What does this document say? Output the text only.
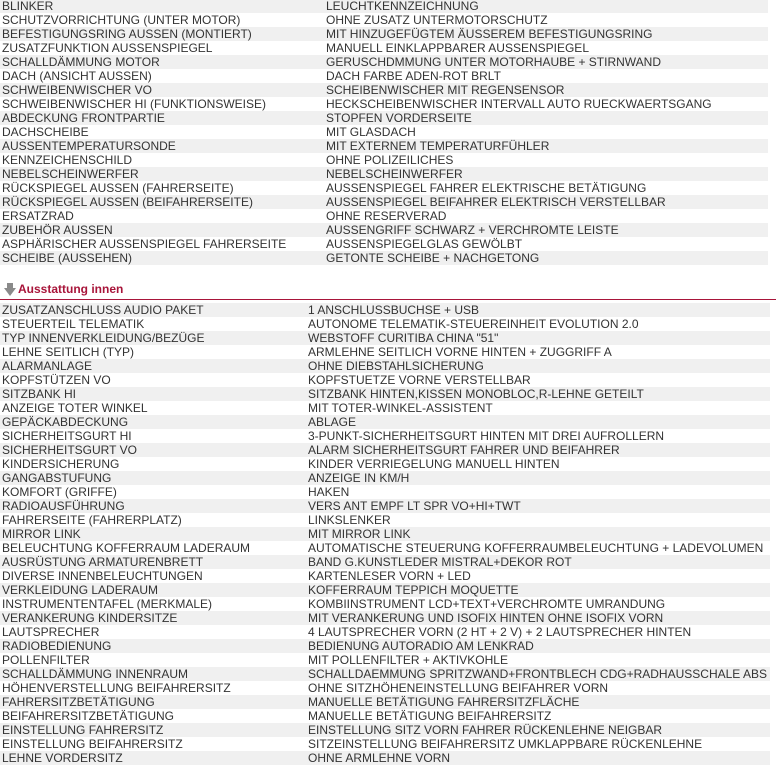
BLINKER	LEUCHTKENNZEICHNUNG
SCHUTZVORRICHTUNG (UNTER MOTOR)	OHNE ZUSATZ UNTERMOTORSCHUTZ
BEFESTIGUNGSRING AUSSEN (MONTIERT)	MIT HINZUGEFÜGTEM ÄUSSEREM BEFESTIGUNGSRING
ZUSATZFUNKTION AUSSENSPIEGEL	MANUELL EINKLAPPBARER AUSSENSPIEGEL
SCHALLDÄMMUNG MOTOR	GERUSCHDMMUNG UNTER MOTORHAUBE + STIRNWAND
DACH (ANSICHT AUSSEN)	DACH FARBE ADEN-ROT BRLT
SCHWEIBENWISCHER VO	SCHEIBENWISCHER MIT REGENSENSOR
SCHWEIBENWISCHER HI (FUNKTIONSWEISE)	HECKSCHEIBENWISCHER INTERVALL AUTO RUECKWAERTSGANG
ABDECKUNG FRONTPARTIE	STOPFEN VORDERSEITE
DACHSCHEIBE	MIT GLASDACH
AUSSENTEMPERATURSONDE	MIT EXTERNEM TEMPERATURFÜHLER
KENNZEICHENSCHILD	OHNE POLIZEILICHES
NEBELSCHEINWERFER	NEBELSCHEINWERFER
RÜCKSPIEGEL AUSSEN (FAHRERSEITE)	AUSSENSPIEGEL FAHRER ELEKTRISCHE BETÄTIGUNG
RÜCKSPIEGEL AUSSEN (BEIFAHRERSEITE)	AUSSENSPIEGEL BEIFAHRER ELEKTRISCH VERSTELLBAR
ERSATZRAD	OHNE RESERVERAD
ZUBEHÖR AUSSEN	AUSSENGRIFF SCHWARZ + VERCHROMTE LEISTE
ASPHÄRISCHER AUSSENSPIEGEL FAHRERSEITE	AUSSENSPIEGELGLAS GEWÖLBT
SCHEIBE (AUSSEHEN)	GETONTE SCHEIBE + NACHGETONG
Ausstattung innen
ZUSATZANSCHLUSS AUDIO PAKET	1 ANSCHLUSSBUCHSE + USB
STEUERTEIL TELEMATIK	AUTONOME TELEMATIK-STEUEREINHEIT EVOLUTION 2.0
TYP INNENVERKLEIDUNG/BEZÜGE	WEBSTOFF CURITIBA CHINA "51"
LEHNE SEITLICH (TYP)	ARMLEHNE SEITLICH VORNE HINTEN + ZUGGRIFF A
ALARMANLAGE	OHNE DIEBSTAHLSICHERUNG
KOPFSTÜTZEN VO	KOPFSTUETZE VORNE VERSTELLBAR
SITZBANK HI	SITZBANK HINTEN,KISSEN MONOBLOC,R-LEHNE GETEILT
ANZEIGE TOTER WINKEL	MIT TOTER-WINKEL-ASSISTENT
GEPÄCKABDECKUNG	ABLAGE
SICHERHEITSGURT HI	3-PUNKT-SICHERHEITSGURT HINTEN MIT DREI AUFROLLERN
SICHERHEITSGURT VO	ALARM SICHERHEITSGURT FAHRER UND BEIFAHRER
KINDERSICHERUNG	KINDER VERRIEGELUNG MANUELL HINTEN
GANGABSTUFUNG	ANZEIGE IN KM/H
KOMFORT (GRIFFE)	HAKEN
RADIOAUSFÜHRUNG	VERS ANT EMPF LT SPR VO+HI+TWT
FAHRERSEITE (FAHRERPLATZ)	LINKSLENKER
MIRROR LINK	MIT MIRROR LINK
BELEUCHTUNG KOFFERRAUM LADERAUM	AUTOMATISCHE STEUERUNG KOFFERRAUMBELEUCHTUNG + LADEVOLUMEN
AUSRÜSTUNG ARMATURENBRETT	BAND G.KUNSTLEDER MISTRAL+DEKOR ROT
DIVERSE INNENBELEUCHTUNGEN	KARTENLESER VORN + LED
VERKLEIDUNG LADERAUM	KOFFERRAUM TEPPICH MOQUETTE
INSTRUMENTENTAFEL (MERKMALE)	KOMBIINSTRUMENT LCD+TEXT+VERCHROMTE UMRANDUNG
VERANKERUNG KINDERSITZE	MIT VERANKERUNG UND ISOFIX HINTEN OHNE ISOFIX VORN
LAUTSPRECHER	4 LAUTSPRECHER VORN (2 HT + 2 V) + 2 LAUTSPRECHER HINTEN
RADIOBEDIENUNG	BEDIENUNG AUTORADIO AM LENKRAD
POLLENFILTER	MIT POLLENFILTER + AKTIVKOHLE
SCHALLDÄMMUNG INNENRAUM	SCHALLDAEMMUNG SPRITZWAND+FRONTBLECH CDG+RADHAUSSCHALE ABS
HÖHENVERSTELLUNG BEIFAHRERSITZ	OHNE SITZHÖHENEINSTELLUNG BEIFAHRER VORN
FAHRERSITZBETÄTIGUNG	MANUELLE BETÄTIGUNG FAHRERSITZFLÄCHE
BEIFAHRERSITZBETÄTIGUNG	MANUELLE BETÄTIGUNG BEIFAHRERSITZ
EINSTELLUNG FAHRERSITZ	EINSTELLUNG SITZ VORN FAHRER RÜCKENLEHNE NEIGBAR
EINSTELLUNG BEIFAHRERSITZ	SITZEINSTELLUNG BEIFAHRERSITZ UMKLAPPBARE RÜCKENLEHNE
LEHNE VORDERSITZ	OHNE ARMLEHNE VORN
